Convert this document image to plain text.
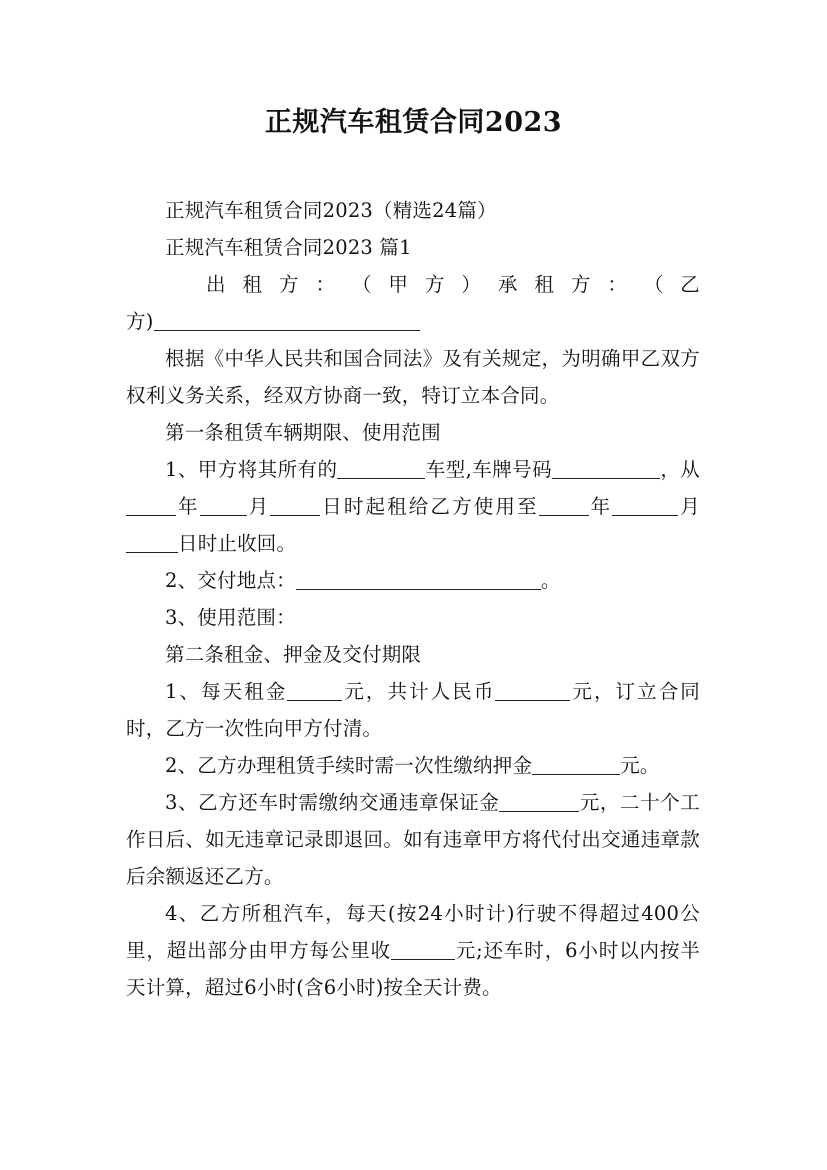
正规汽车租赁合同2023

正规汽车租赁合同2023（精选24篇）

正规汽车租赁合同2023 篇1

出 租 方 ： （ 甲 方 ） 承 租 方 ： （ 乙

方)

根据《中华人民共和国合同法》及有关规定，为明确甲乙双方权利义务关系，经双方协商一致，特订立本合同。

第一条租赁车辆期限、使用范围

1、甲方将其所有的	车型,车牌号码	，从年 月	日时起租给乙方使用至	年	月日时止收回。

2、交付地点：	。

3、使用范围：

第二条租金、押金及交付期限

1、每天租金	元，共计人民币	元，订立合同时，乙方一次性向甲方付清。

2、乙方办理租赁手续时需一次性缴纳押金	元。

3、乙方还车时需缴纳交通违章保证金	元，二十个工作日后、如无违章记录即退回。如有违章甲方将代付出交通违章款后余额返还乙方。

4、乙方所租汽车，每天(按24小时计)行驶不得超过400公里，超出部分由甲方每公里收	元;还车时，6小时以内按半天计算，超过6小时(含6小时)按全天计费。
